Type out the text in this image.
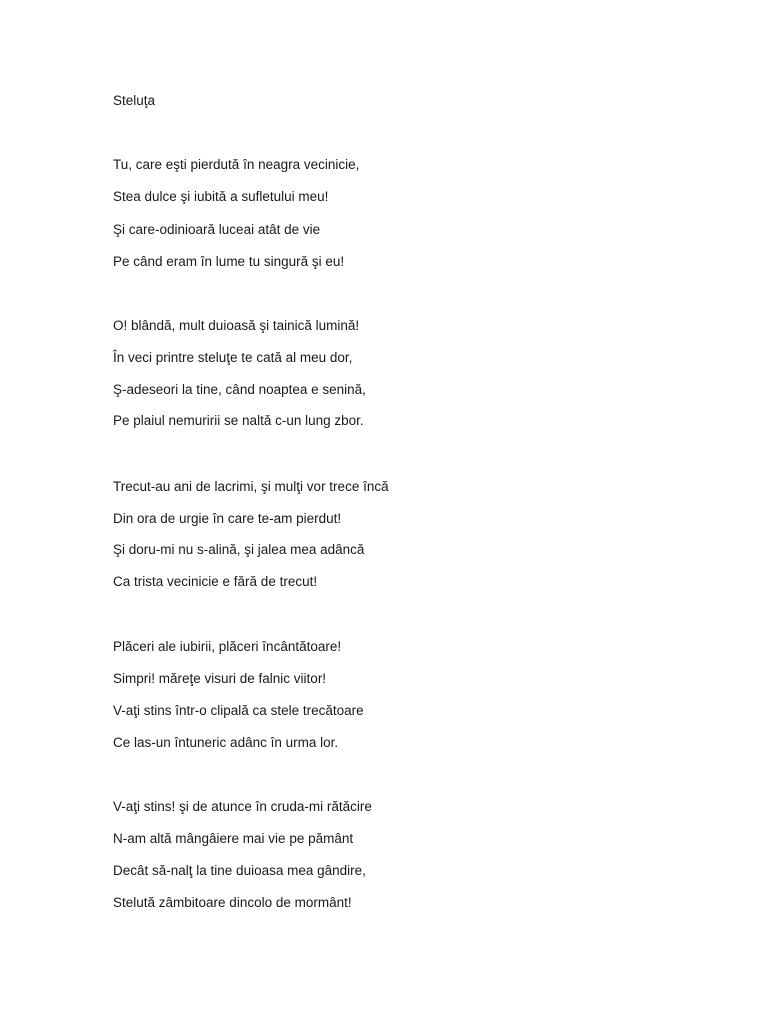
Steluţa
Tu, care eşti pierdută în neagra vecinicie,
Stea dulce şi iubită a sufletului meu!
Şi care-odinioară luceai atât de vie
Pe când eram în lume tu singură şi eu!
O! blândă, mult duioasă şi tainică lumină!
În veci printre steluţe te cată al meu dor,
Ş-adeseori la tine, când noaptea e senină,
Pe plaiul nemuririi se naltă c-un lung zbor.
Trecut-au ani de lacrimi, şi mulţi vor trece încă
Din ora de urgie în care te-am pierdut!
Şi doru-mi nu s-alină, şi jalea mea adâncă
Ca trista vecinicie e fără de trecut!
Plăceri ale iubirii, plăceri încântătoare!
Simpri! măreţe visuri de falnic viitor!
V-aţi stins într-o clipală ca stele trecătoare
Ce las-un întuneric adânc în urma lor.
V-aţi stins! şi de atunce în cruda-mi rătăcire
N-am altă mângâiere mai vie pe pământ
Decât să-nalţ la tine duioasa mea gândire,
Stelută zâmbitoare dincolo de mormânt!
